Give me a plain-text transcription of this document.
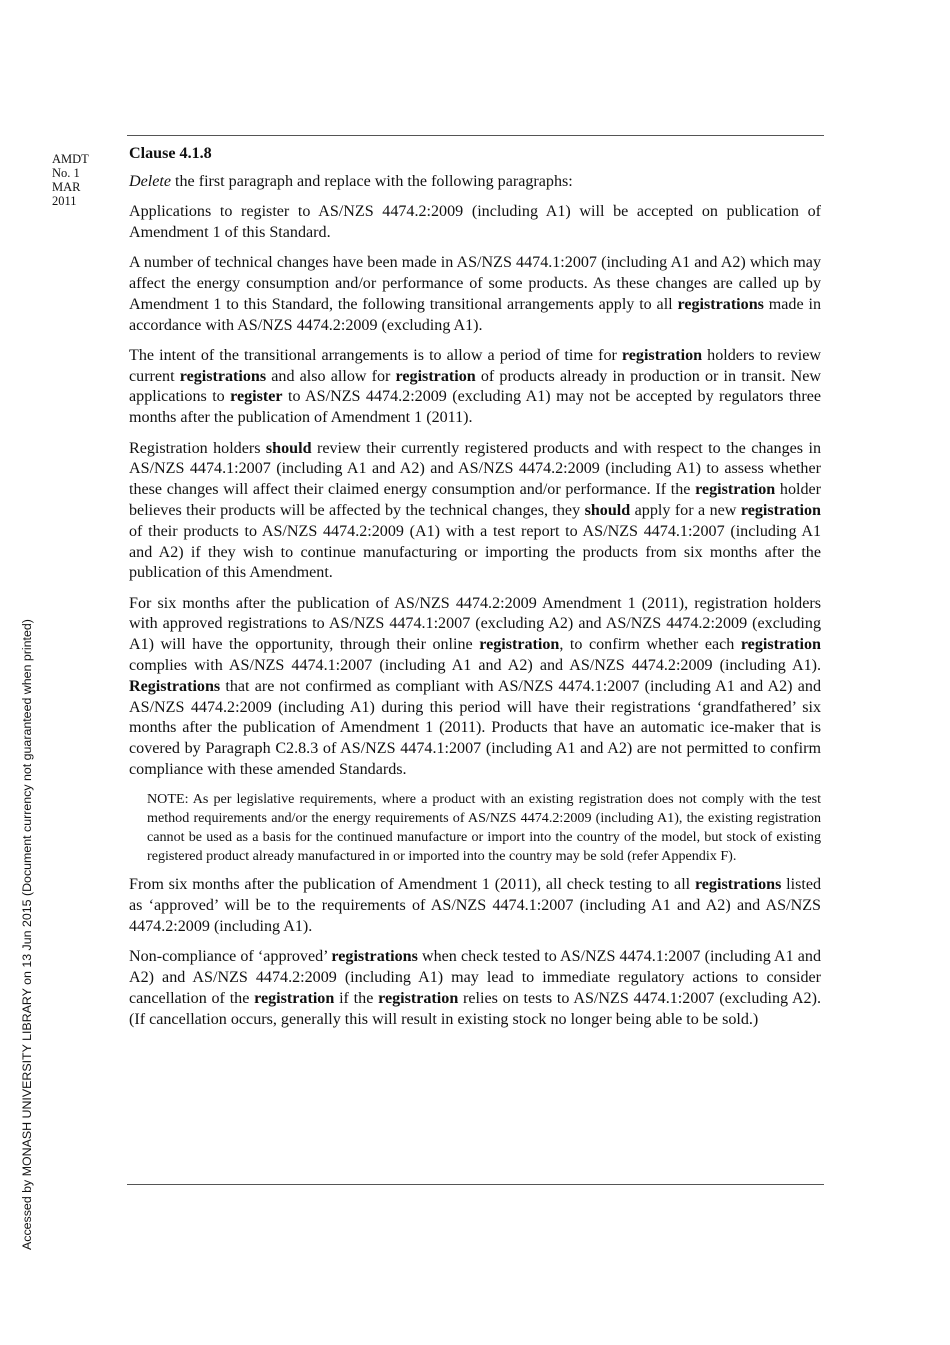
AMDT
No. 1
MAR
2011

Clause 4.1.8

Delete the first paragraph and replace with the following paragraphs:

Applications to register to AS/NZS 4474.2:2009 (including A1) will be accepted on publication of Amendment 1 of this Standard.

A number of technical changes have been made in AS/NZS 4474.1:2007 (including A1 and A2) which may affect the energy consumption and/or performance of some products. As these changes are called up by Amendment 1 to this Standard, the following transitional arrangements apply to all registrations made in accordance with AS/NZS 4474.2:2009 (excluding A1).

The intent of the transitional arrangements is to allow a period of time for registration holders to review current registrations and also allow for registration of products already in production or in transit. New applications to register to AS/NZS 4474.2:2009 (excluding A1) may not be accepted by regulators three months after the publication of Amendment 1 (2011).

Registration holders should review their currently registered products and with respect to the changes in AS/NZS 4474.1:2007 (including A1 and A2) and AS/NZS 4474.2:2009 (including A1) to assess whether these changes will affect their claimed energy consumption and/or performance. If the registration holder believes their products will be affected by the technical changes, they should apply for a new registration of their products to AS/NZS 4474.2:2009 (A1) with a test report to AS/NZS 4474.1:2007 (including A1 and A2) if they wish to continue manufacturing or importing the products from six months after the publication of this Amendment.

For six months after the publication of AS/NZS 4474.2:2009 Amendment 1 (2011), registration holders with approved registrations to AS/NZS 4474.1:2007 (excluding A2) and AS/NZS 4474.2:2009 (excluding A1) will have the opportunity, through their online registration, to confirm whether each registration complies with AS/NZS 4474.1:2007 (including A1 and A2) and AS/NZS 4474.2:2009 (including A1). Registrations that are not confirmed as compliant with AS/NZS 4474.1:2007 (including A1 and A2) and AS/NZS 4474.2:2009 (including A1) during this period will have their registrations ‘grandfathered’ six months after the publication of Amendment 1 (2011). Products that have an automatic ice-maker that is covered by Paragraph C2.8.3 of AS/NZS 4474.1:2007 (including A1 and A2) are not permitted to confirm compliance with these amended Standards.

NOTE: As per legislative requirements, where a product with an existing registration does not comply with the test method requirements and/or the energy requirements of AS/NZS 4474.2:2009 (including A1), the existing registration cannot be used as a basis for the continued manufacture or import into the country of the model, but stock of existing registered product already manufactured in or imported into the country may be sold (refer Appendix F).

From six months after the publication of Amendment 1 (2011), all check testing to all registrations listed as ‘approved’ will be to the requirements of AS/NZS 4474.1:2007 (including A1 and A2) and AS/NZS 4474.2:2009 (including A1).

Non-compliance of ‘approved’ registrations when check tested to AS/NZS 4474.1:2007 (including A1 and A2) and AS/NZS 4474.2:2009 (including A1) may lead to immediate regulatory actions to consider cancellation of the registration if the registration relies on tests to AS/NZS 4474.1:2007 (excluding A2). (If cancellation occurs, generally this will result in existing stock no longer being able to be sold.)

Accessed by MONASH UNIVERSITY LIBRARY on 13 Jun 2015 (Document currency not guaranteed when printed)
